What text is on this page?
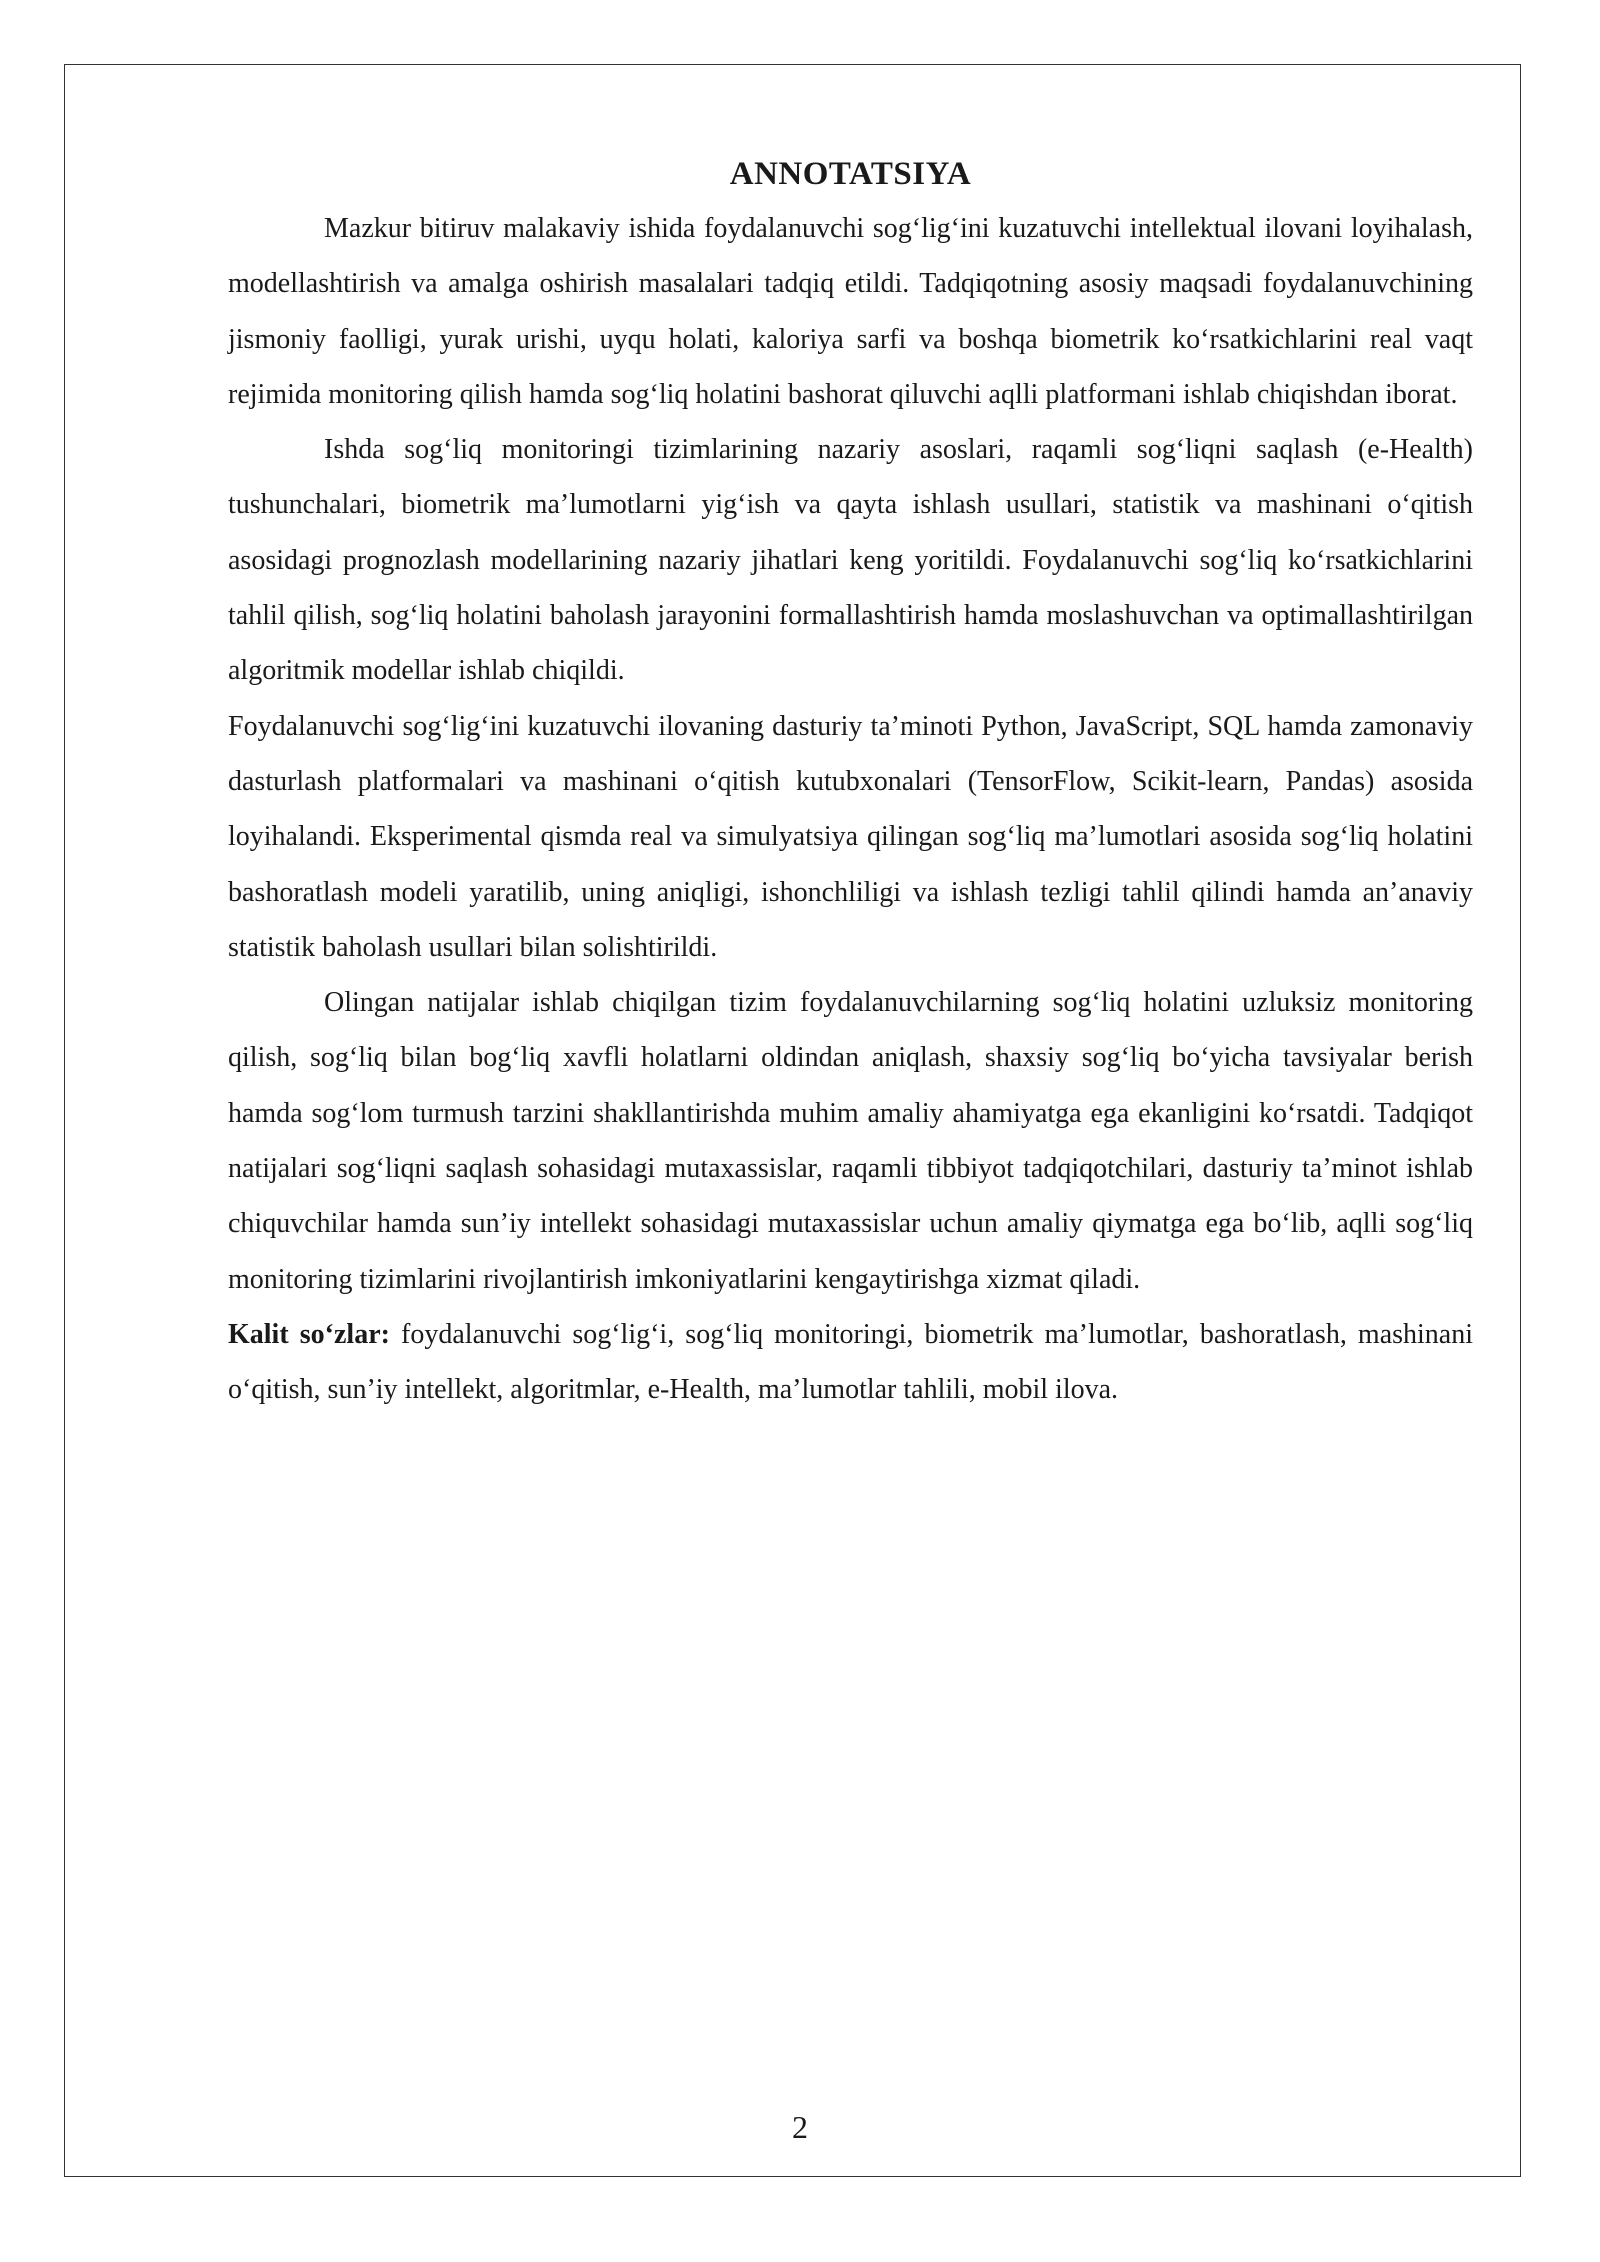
ANNOTATSIYA

Mazkur bitiruv malakaviy ishida foydalanuvchi sog‘lig‘ini kuzatuvchi intellektual ilovani loyihalash, modellashtirish va amalga oshirish masalalari tadqiq etildi. Tadqiqotning asosiy maqsadi foydalanuvchining jismoniy faolligi, yurak urishi, uyqu holati, kaloriya sarfi va boshqa biometrik ko‘rsatkichlarini real vaqt rejimida monitoring qilish hamda sog‘liq holatini bashorat qiluvchi aqlli platformani ishlab chiqishdan iborat.

Ishda sog‘liq monitoringi tizimlarining nazariy asoslari, raqamli sog‘liqni saqlash (e-Health) tushunchalari, biometrik ma’lumotlarni yig‘ish va qayta ishlash usullari, statistik va mashinani o‘qitish asosidagi prognozlash modellarining nazariy jihatlari keng yoritildi. Foydalanuvchi sog‘liq ko‘rsatkichlarini tahlil qilish, sog‘liq holatini baholash jarayonini formallashtirish hamda moslashuvchan va optimallashtirilgan algoritmik modellar ishlab chiqildi.

Foydalanuvchi sog‘lig‘ini kuzatuvchi ilovaning dasturiy ta’minoti Python, JavaScript, SQL hamda zamonaviy dasturlash platformalari va mashinani o‘qitish kutubxonalari (TensorFlow, Scikit-learn, Pandas) asosida loyihalandi. Eksperimental qismda real va simulyatsiya qilingan sog‘liq ma’lumotlari asosida sog‘liq holatini bashoratlash modeli yaratilib, uning aniqligi, ishonchliligi va ishlash tezligi tahlil qilindi hamda an’anaviy statistik baholash usullari bilan solishtirildi.

Olingan natijalar ishlab chiqilgan tizim foydalanuvchilarning sog‘liq holatini uzluksiz monitoring qilish, sog‘liq bilan bog‘liq xavfli holatlarni oldindan aniqlash, shaxsiy sog‘liq bo‘yicha tavsiyalar berish hamda sog‘lom turmush tarzini shakllantirishda muhim amaliy ahamiyatga ega ekanligini ko‘rsatdi. Tadqiqot natijalari sog‘liqni saqlash sohasidagi mutaxassislar, raqamli tibbiyot tadqiqotchilari, dasturiy ta’minot ishlab chiquvchilar hamda sun’iy intellekt sohasidagi mutaxassislar uchun amaliy qiymatga ega bo‘lib, aqlli sog‘liq monitoring tizimlarini rivojlantirish imkoniyatlarini kengaytirishga xizmat qiladi.

Kalit so‘zlar: foydalanuvchi sog‘lig‘i, sog‘liq monitoringi, biometrik ma’lumotlar, bashoratlash, mashinani o‘qitish, sun’iy intellekt, algoritmlar, e-Health, ma’lumotlar tahlili, mobil ilova.

2
